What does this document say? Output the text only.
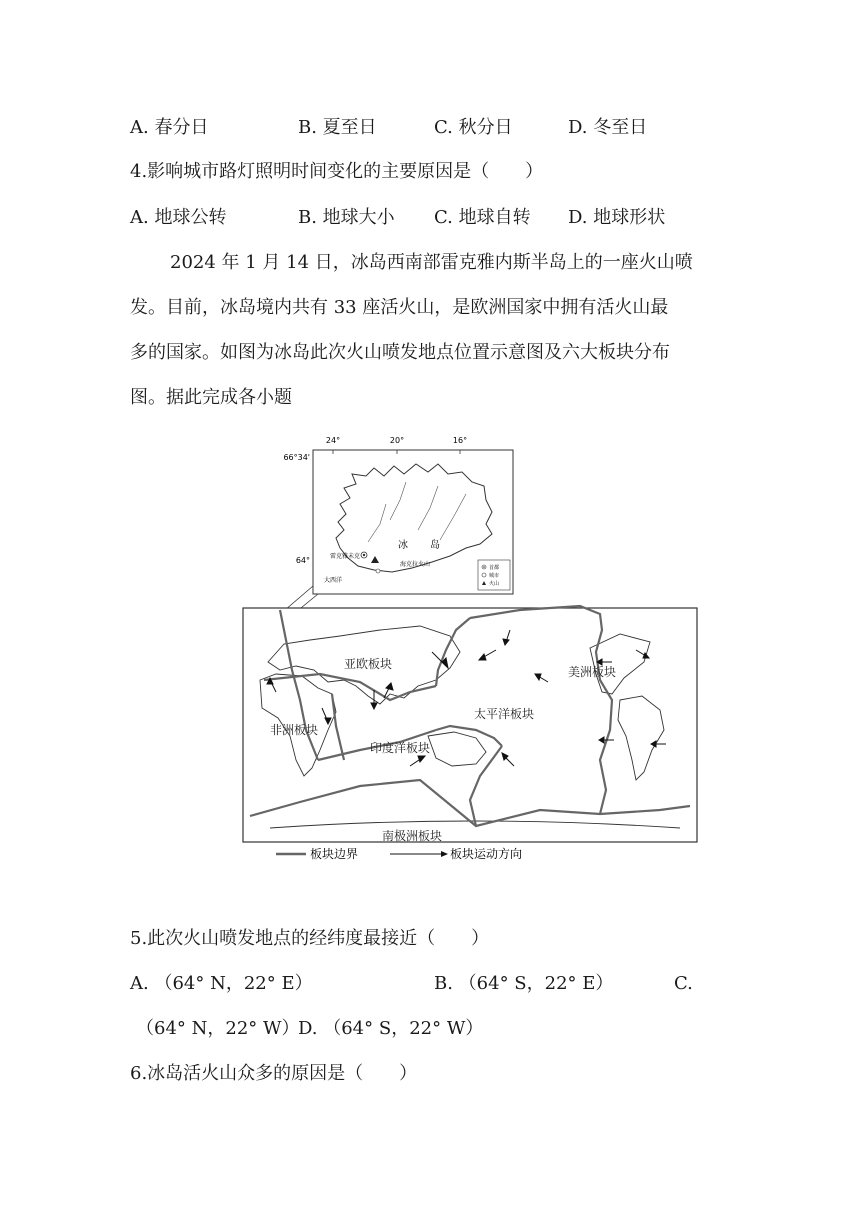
A. 春分日	B. 夏至日	C. 秋分日	D. 冬至日
4.影响城市路灯照明时间变化的主要原因是（　　）
A. 地球公转	B. 地球大小 C. 地球自转 D. 地球形状
2024 年 1 月 14 日，冰岛西南部雷克雅内斯半岛上的一座火山喷
发。目前，冰岛境内共有 33 座活火山，是欧洲国家中拥有活火山最
多的国家。如图为冰岛此次火山喷发地点位置示意图及六大板块分布
图。据此完成各小题
24°	20°	16°
66°34'
64°
冰 岛
雷克雅未克
海克拉火山
大西洋
首都
城市
火山
亚欧板块
非洲板块
印度洋板块
太平洋板块
美洲板块
南极洲板块
板块边界	板块运动方向
5.此次火山喷发地点的经纬度最接近（　　）
A. （64° N，22° E）	B. （64° S，22° E）	C.
（64° N，22° W）
D. （64° S，22° W）
6.冰岛活火山众多的原因是（　　）
